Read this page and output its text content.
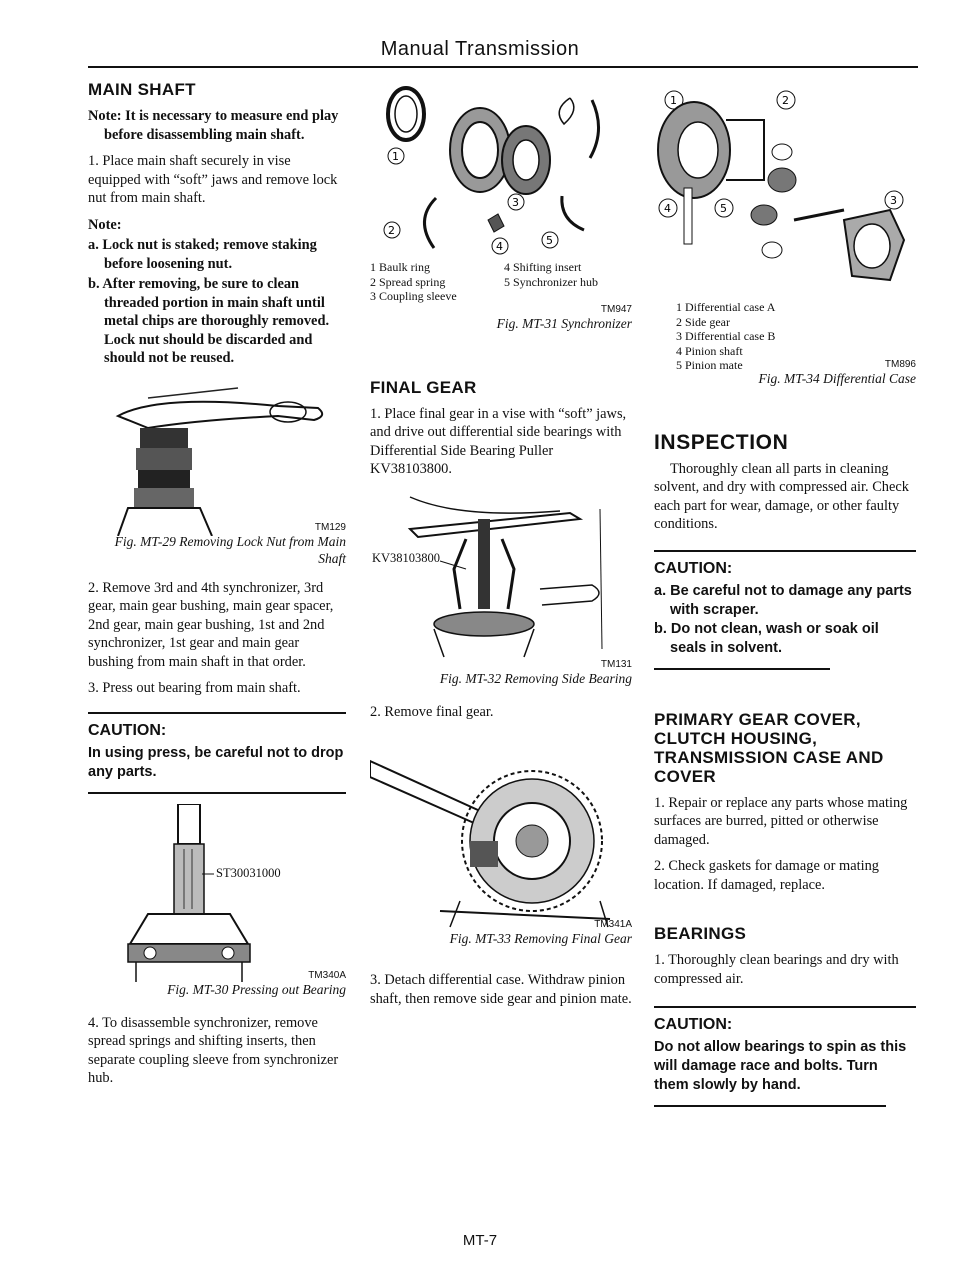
Manual Transmission
MAIN SHAFT
Note: It is necessary to measure end play before disassembling main shaft.
1. Place main shaft securely in vise equipped with “soft” jaws and remove lock nut from main shaft.
Note:
a. Lock nut is staked; remove staking before loosening nut.
b. After removing, be sure to clean threaded portion in main shaft until metal chips are thoroughly removed. Lock nut should be discarded and should not be reused.
TM129
Fig. MT-29 Removing Lock Nut from Main Shaft
2. Remove 3rd and 4th synchronizer, 3rd gear, main gear bushing, main gear spacer, 2nd gear, main gear bushing, 1st and 2nd synchronizer, 1st gear and main gear bushing from main shaft in that order.
3. Press out bearing from main shaft.
CAUTION:
In using press, be careful not to drop any parts.
ST30031000
TM340A
Fig. MT-30 Pressing out Bearing
4. To disassemble synchronizer, remove spread springs and shifting inserts, then separate coupling sleeve from synchronizer hub.
1
3
2
4	5
1 Baulk ring	4 Shifting insert
2 Spread spring	5 Synchronizer hub
3 Coupling sleeve
TM947
Fig. MT-31 Synchronizer
FINAL GEAR
1. Place final gear in a vise with “soft” jaws, and drive out differential side bearings with Differential Side Bearing Puller KV38103800.
KV38103800
TM131
Fig. MT-32 Removing Side Bearing
2. Remove final gear.
TM341A
Fig. MT-33 Removing Final Gear
3. Detach differential case. Withdraw pinion shaft, then remove side gear and pinion mate.
1	2
3
4	5
1 Differential case A
2 Side gear
3 Differential case B
4 Pinion shaft
5 Pinion mate	TM896
Fig. MT-34 Differential Case
INSPECTION
Thoroughly clean all parts in cleaning solvent, and dry with compressed air. Check each part for wear, damage, or other faulty conditions.
CAUTION:
a. Be careful not to damage any parts with scraper.
b. Do not clean, wash or soak oil seals in solvent.
PRIMARY GEAR COVER, CLUTCH HOUSING, TRANSMISSION CASE AND COVER
1. Repair or replace any parts whose mating surfaces are burred, pitted or otherwise damaged.
2. Check gaskets for damage or mating location. If damaged, replace.
BEARINGS
1. Thoroughly clean bearings and dry with compressed air.
CAUTION:
Do not allow bearings to spin as this will damage race and bolts. Turn them slowly by hand.
MT-7
